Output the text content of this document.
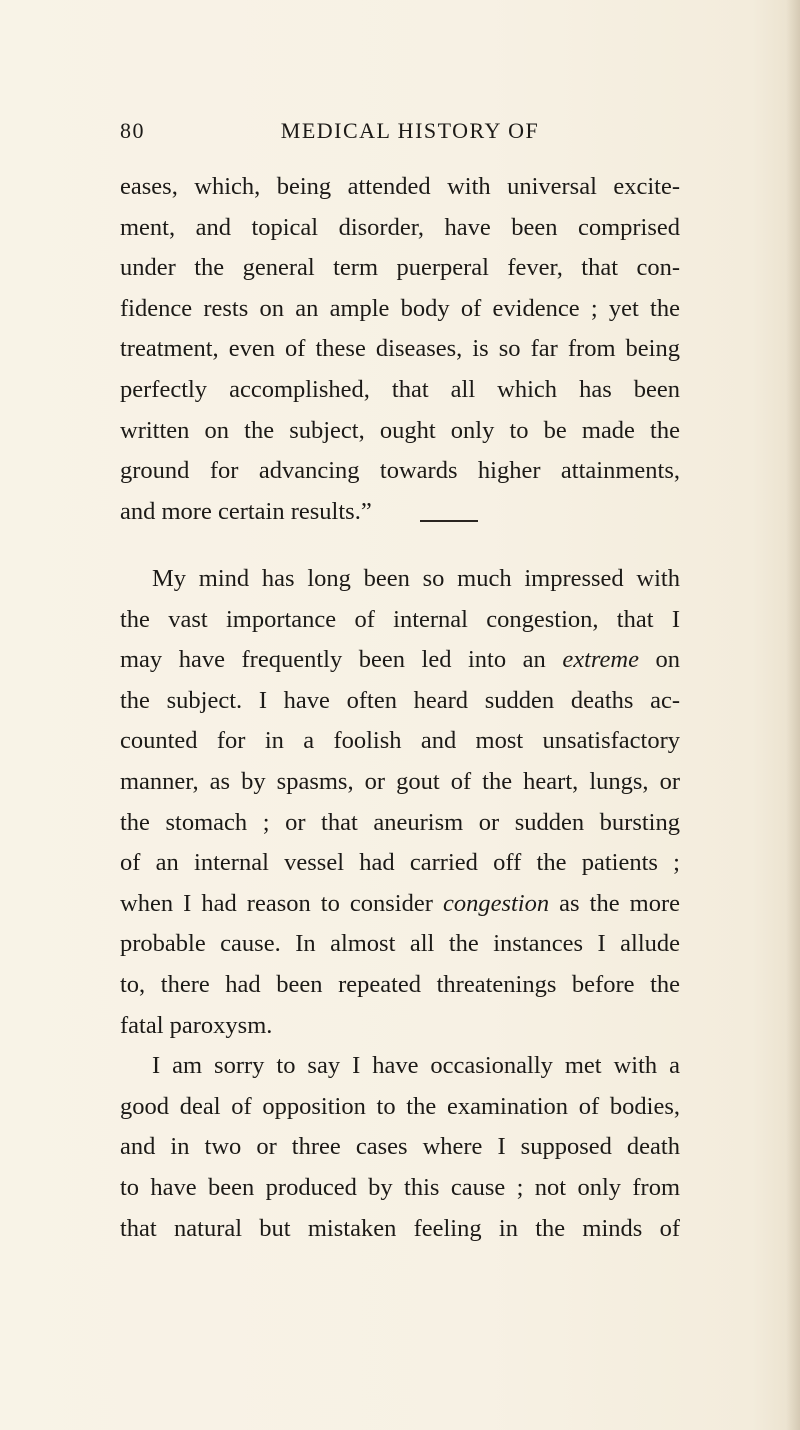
80	MEDICAL HISTORY OF
eases, which, being attended with universal excite-
ment, and topical disorder, have been comprised
under the general term puerperal fever, that con-
fidence rests on an ample body of evidence ; yet the
treatment, even of these diseases, is so far from being
perfectly accomplished, that all which has been
written on the subject, ought only to be made the
ground for advancing towards higher attainments,
and more certain results.”
My mind has long been so much impressed with
the vast importance of internal congestion, that I
may have frequently been led into an extreme on
the subject. I have often heard sudden deaths ac-
counted for in a foolish and most unsatisfactory
manner, as by spasms, or gout of the heart, lungs, or
the stomach ; or that aneurism or sudden bursting
of an internal vessel had carried off the patients ;
when I had reason to consider congestion as the more
probable cause. In almost all the instances I allude
to, there had been repeated threatenings before the
fatal paroxysm.
I am sorry to say I have occasionally met with a
good deal of opposition to the examination of bodies,
and in two or three cases where I supposed death
to have been produced by this cause ; not only from
that natural but mistaken feeling in the minds of
